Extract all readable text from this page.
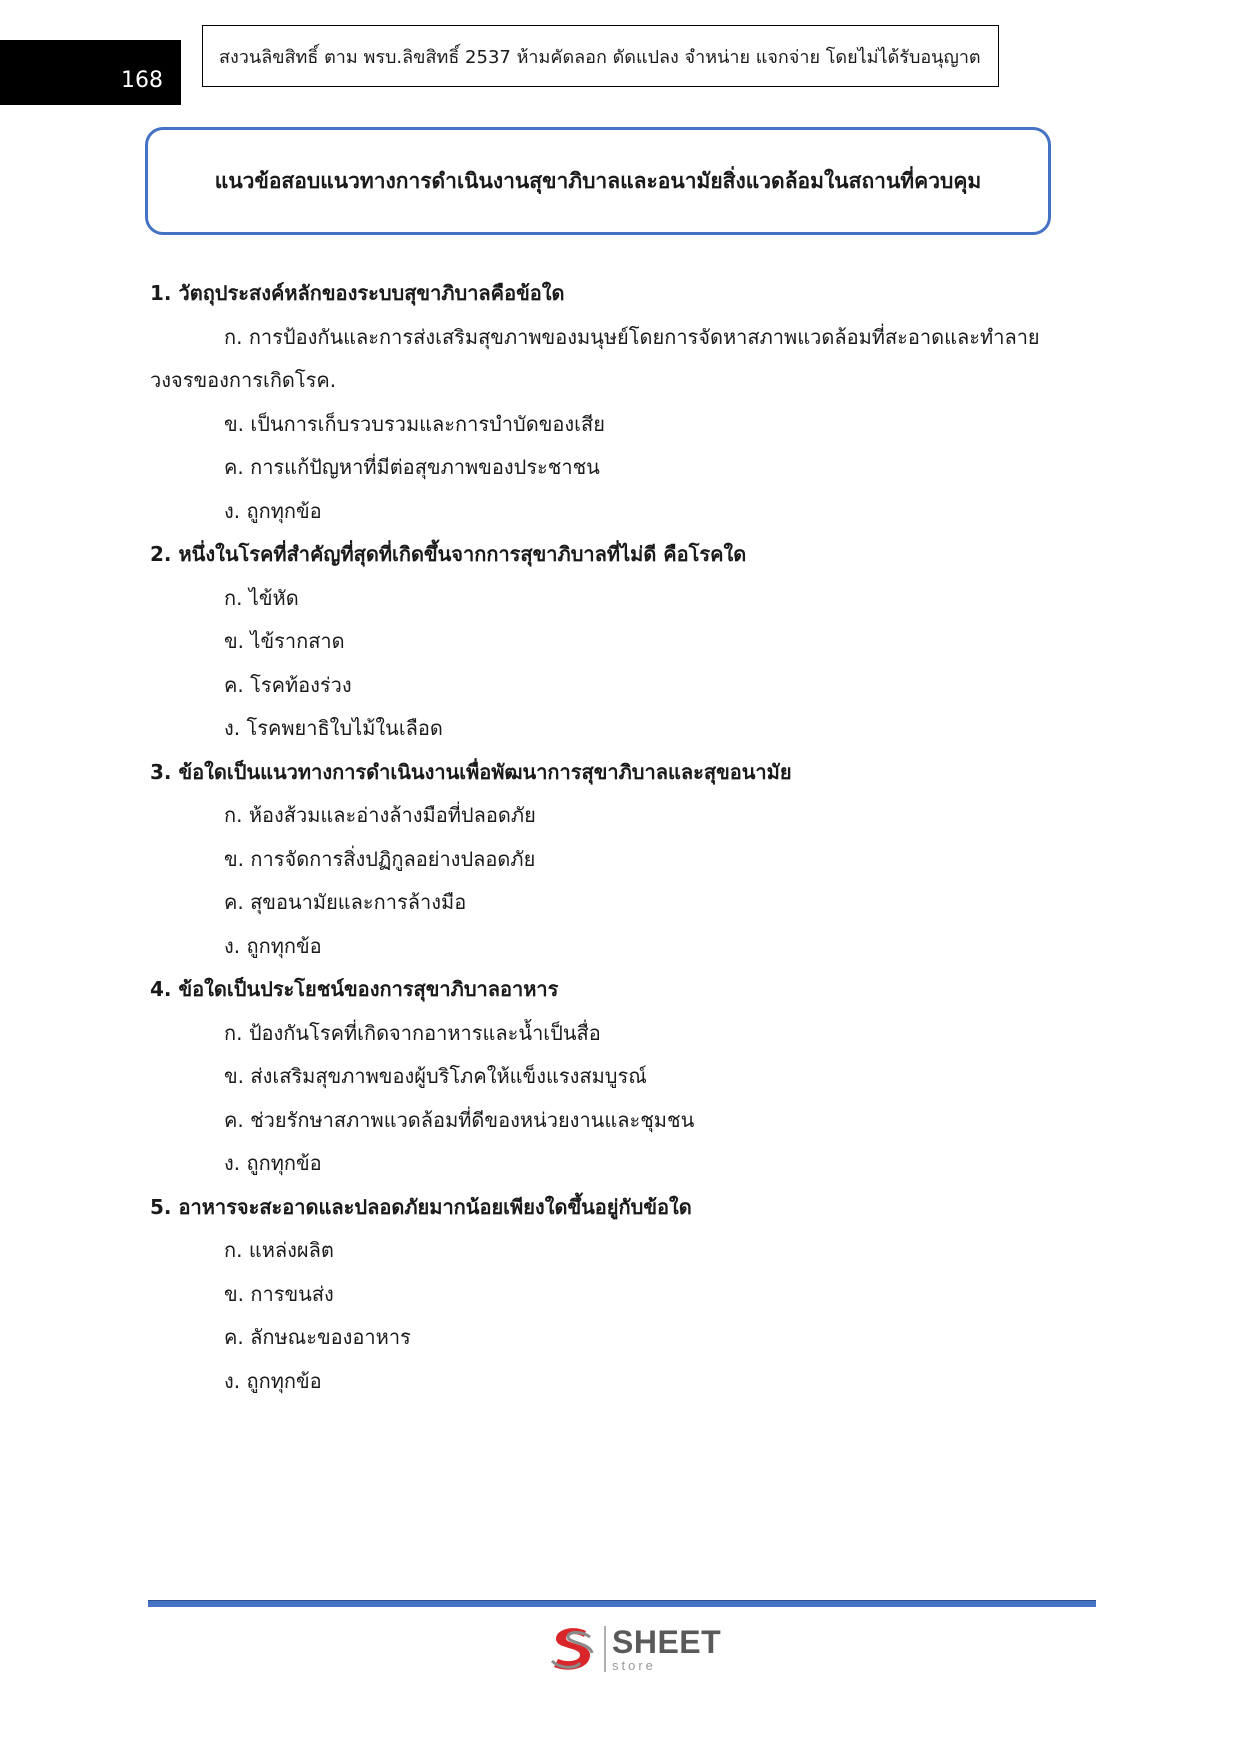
168
สงวนลิขสิทธิ์ ตาม พรบ.ลิขสิทธิ์ 2537 ห้ามคัดลอก ดัดแปลง จำหน่าย แจกจ่าย โดยไม่ได้รับอนุญาต
แนวข้อสอบแนวทางการดำเนินงานสุขาภิบาลและอนามัยสิ่งแวดล้อมในสถานที่ควบคุม
1. วัตถุประสงค์หลักของระบบสุขาภิบาลคือข้อใด
ก. การป้องกันและการส่งเสริมสุขภาพของมนุษย์โดยการจัดหาสภาพแวดล้อมที่สะอาดและทำลายวงจรของการเกิดโรค.
ข. เป็นการเก็บรวบรวมและการบำบัดของเสีย
ค. การแก้ปัญหาที่มีต่อสุขภาพของประชาชน
ง. ถูกทุกข้อ
2. หนึ่งในโรคที่สำคัญที่สุดที่เกิดขึ้นจากการสุขาภิบาลที่ไม่ดี คือโรคใด
ก. ไข้หัด
ข. ไข้รากสาด
ค. โรคท้องร่วง
ง. โรคพยาธิใบไม้ในเลือด
3. ข้อใดเป็นแนวทางการดำเนินงานเพื่อพัฒนาการสุขาภิบาลและสุขอนามัย
ก. ห้องส้วมและอ่างล้างมือที่ปลอดภัย
ข. การจัดการสิ่งปฏิกูลอย่างปลอดภัย
ค. สุขอนามัยและการล้างมือ
ง. ถูกทุกข้อ
4. ข้อใดเป็นประโยชน์ของการสุขาภิบาลอาหาร
ก. ป้องกันโรคที่เกิดจากอาหารและน้ำเป็นสื่อ
ข. ส่งเสริมสุขภาพของผู้บริโภคให้แข็งแรงสมบูรณ์
ค. ช่วยรักษาสภาพแวดล้อมที่ดีของหน่วยงานและชุมชน
ง. ถูกทุกข้อ
5. อาหารจะสะอาดและปลอดภัยมากน้อยเพียงใดขึ้นอยู่กับข้อใด
ก. แหล่งผลิต
ข. การขนส่ง
ค. ลักษณะของอาหาร
ง. ถูกทุกข้อ
SHEET
store
